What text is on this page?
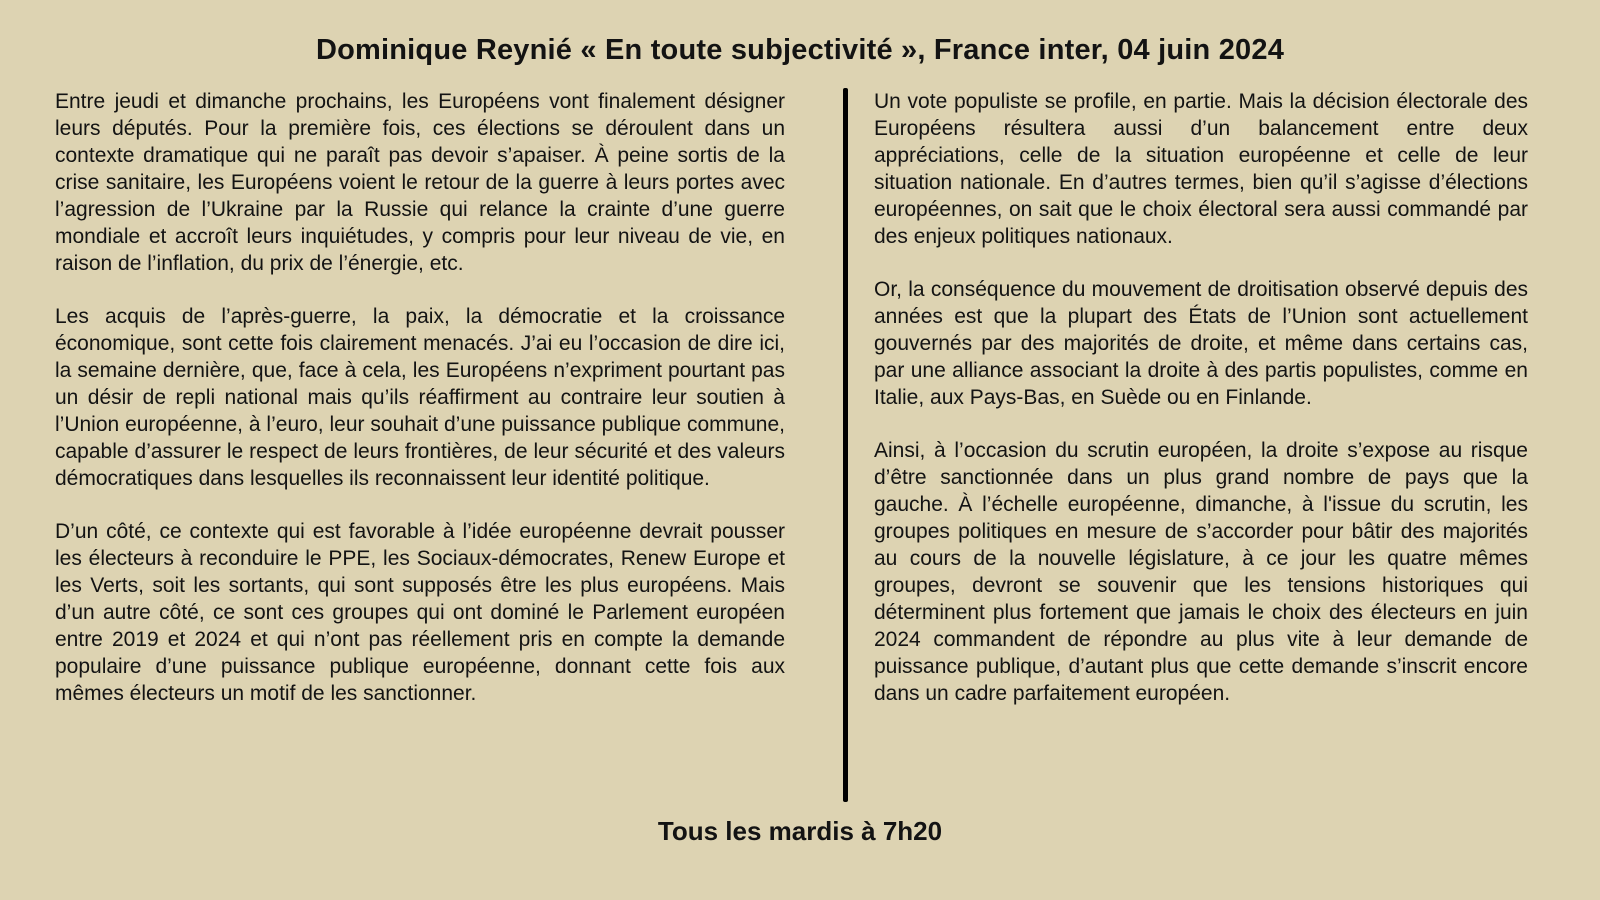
Dominique Reynié « En toute subjectivité », France inter, 04 juin 2024

Entre jeudi et dimanche prochains, les Européens vont finalement désigner leurs députés. Pour la première fois, ces élections se déroulent dans un contexte dramatique qui ne paraît pas devoir s’apaiser. À peine sortis de la crise sanitaire, les Européens voient le retour de la guerre à leurs portes avec l’agression de l’Ukraine par la Russie qui relance la crainte d’une guerre mondiale et accroît leurs inquiétudes, y compris pour leur niveau de vie, en raison de l’inflation, du prix de l’énergie, etc.

Les acquis de l’après-guerre, la paix, la démocratie et la croissance économique, sont cette fois clairement menacés. J’ai eu l’occasion de dire ici, la semaine dernière, que, face à cela, les Européens n’expriment pourtant pas un désir de repli national mais qu’ils réaffirment au contraire leur soutien à l’Union européenne, à l’euro, leur souhait d’une puissance publique commune, capable d’assurer le respect de leurs frontières, de leur sécurité et des valeurs démocratiques dans lesquelles ils reconnaissent leur identité politique.

D’un côté, ce contexte qui est favorable à l’idée européenne devrait pousser les électeurs à reconduire le PPE, les Sociaux-démocrates, Renew Europe et les Verts, soit les sortants, qui sont supposés être les plus européens. Mais d’un autre côté, ce sont ces groupes qui ont dominé le Parlement européen entre 2019 et 2024 et qui n’ont pas réellement pris en compte la demande populaire d’une puissance publique européenne, donnant cette fois aux mêmes électeurs un motif de les sanctionner.

Un vote populiste se profile, en partie. Mais la décision électorale des Européens résultera aussi d’un balancement entre deux appréciations, celle de la situation européenne et celle de leur situation nationale. En d’autres termes, bien qu’il s’agisse d’élections européennes, on sait que le choix électoral sera aussi commandé par des enjeux politiques nationaux.

Or, la conséquence du mouvement de droitisation observé depuis des années est que la plupart des États de l’Union sont actuellement gouvernés par des majorités de droite, et même dans certains cas, par une alliance associant la droite à des partis populistes, comme en Italie, aux Pays-Bas, en Suède ou en Finlande.

Ainsi, à l’occasion du scrutin européen, la droite s’expose au risque d’être sanctionnée dans un plus grand nombre de pays que la gauche. À l’échelle européenne, dimanche, à l'issue du scrutin, les groupes politiques en mesure de s’accorder pour bâtir des majorités au cours de la nouvelle législature, à ce jour les quatre mêmes groupes, devront se souvenir que les tensions historiques qui déterminent plus fortement que jamais le choix des électeurs en juin 2024 commandent de répondre au plus vite à leur demande de puissance publique, d’autant plus que cette demande s’inscrit encore dans un cadre parfaitement européen.

Tous les mardis à 7h20
